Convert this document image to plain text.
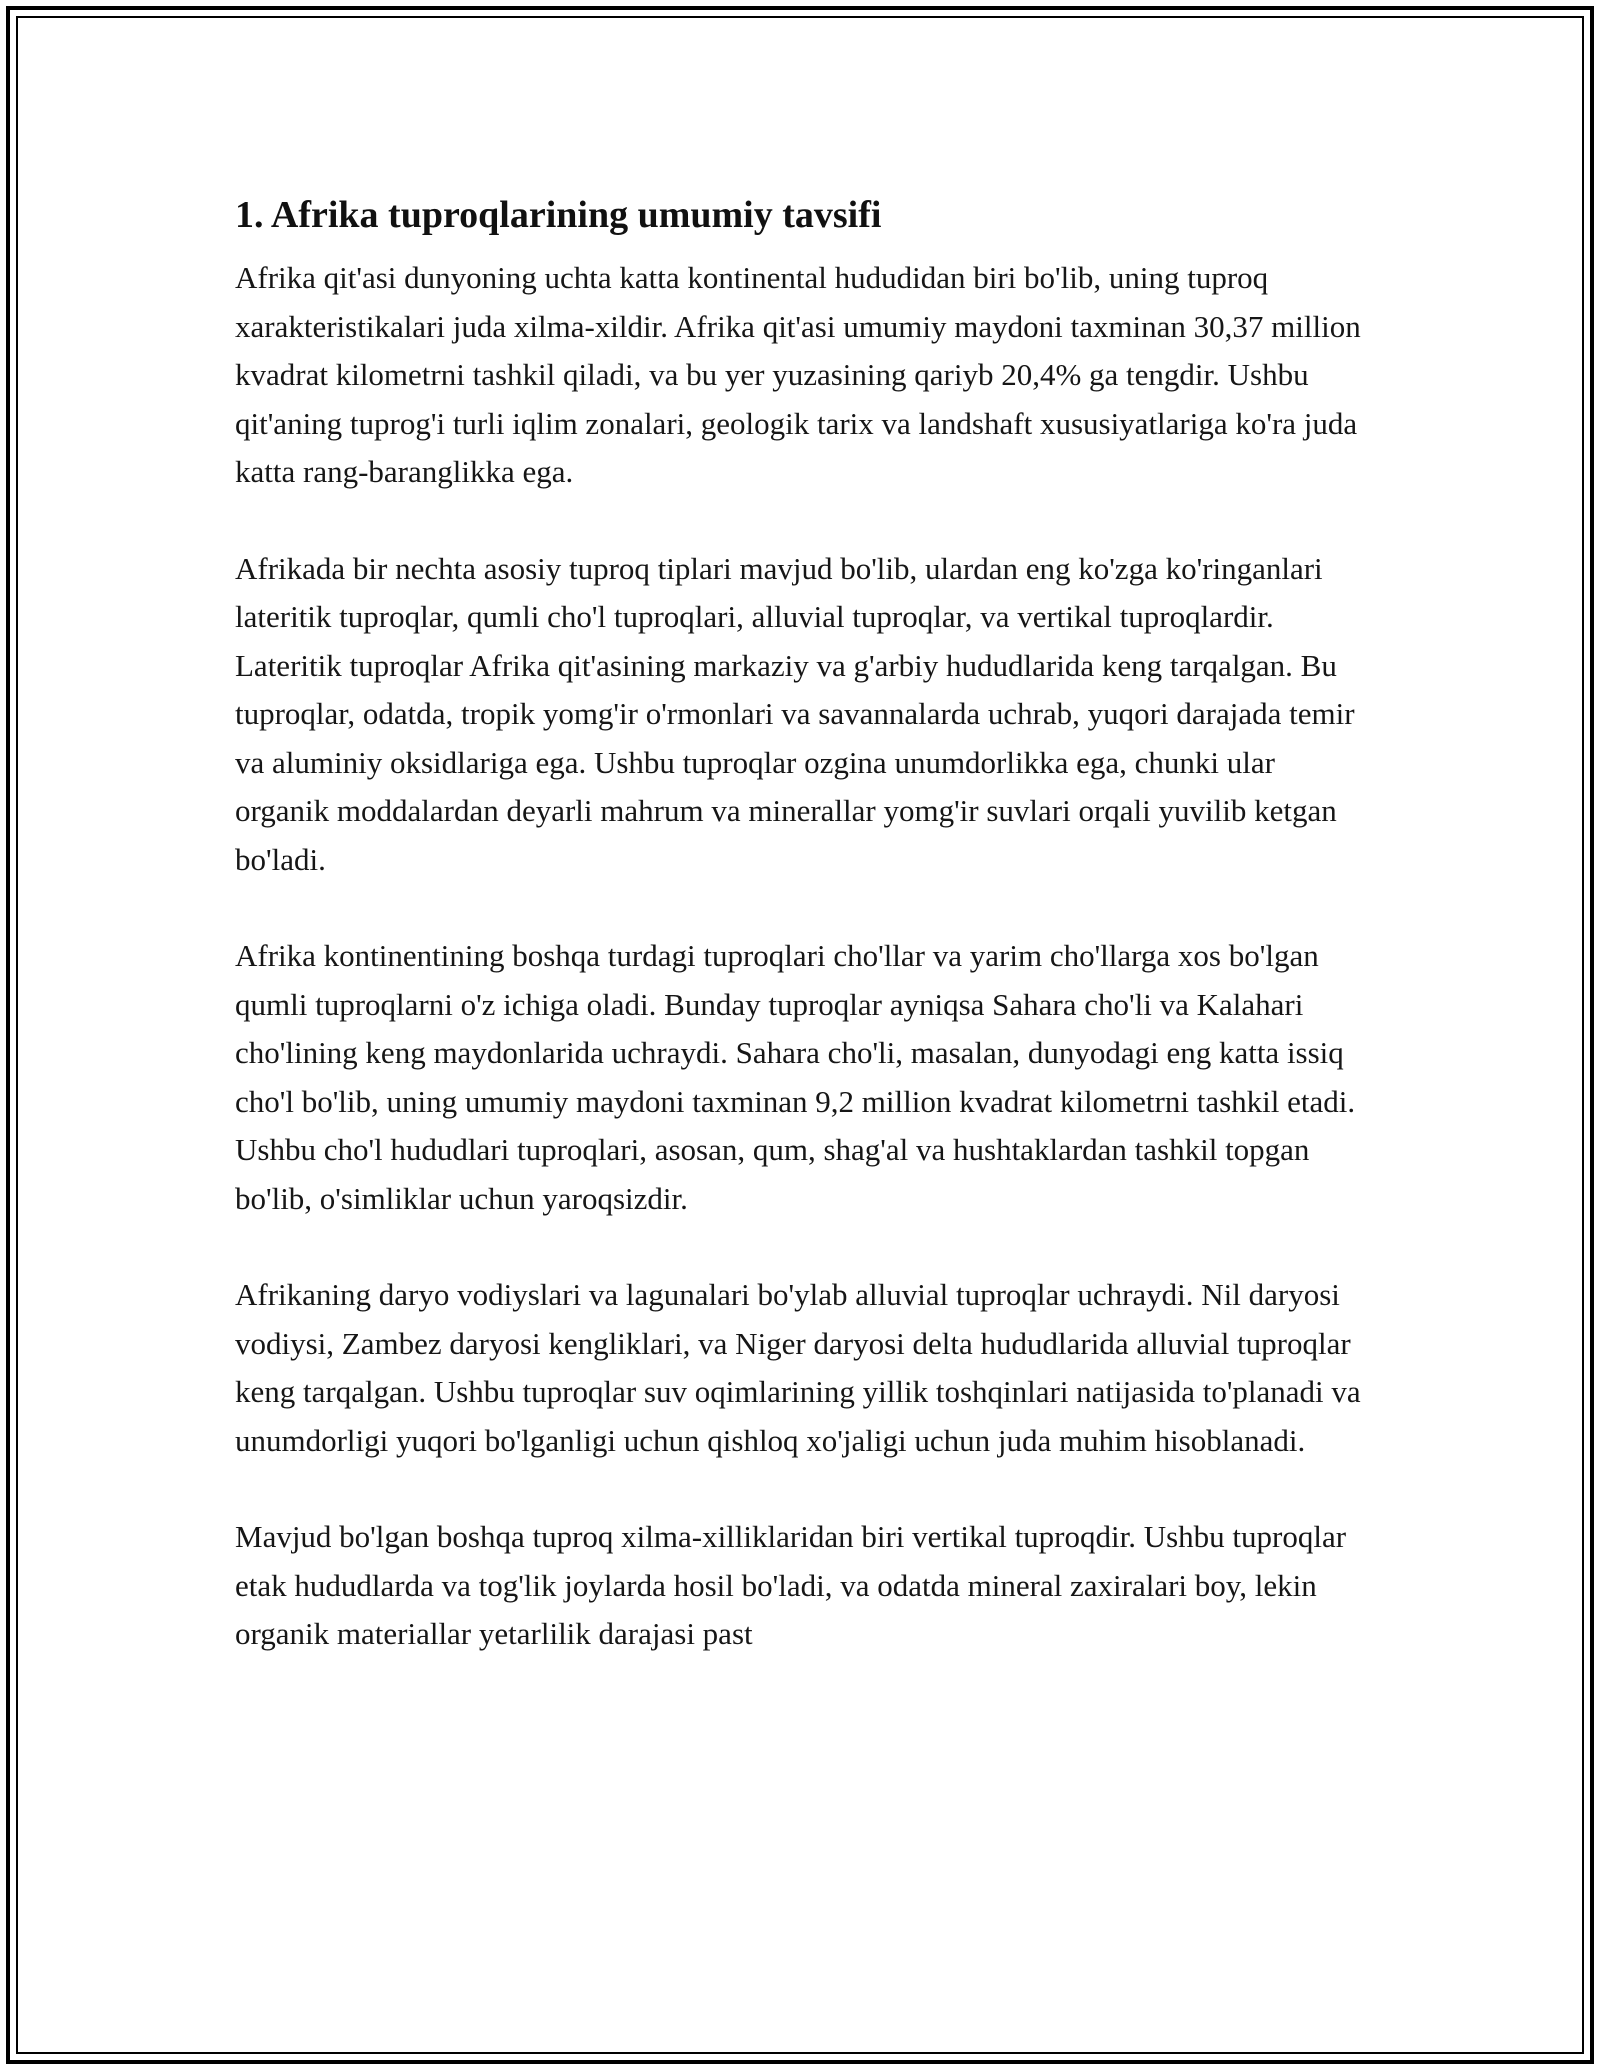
1. Afrika tuproqlarining umumiy tavsifi

Afrika qit'asi dunyoning uchta katta kontinental hududidan biri bo'lib, uning tuproq xarakteristikalari juda xilma-xildir. Afrika qit'asi umumiy maydoni taxminan 30,37 million kvadrat kilometrni tashkil qiladi, va bu yer yuzasining qariyb 20,4% ga tengdir. Ushbu qit'aning tuprog'i turli iqlim zonalari, geologik tarix va landshaft xususiyatlariga ko'ra juda katta rang-baranglikka ega.

Afrikada bir nechta asosiy tuproq tiplari mavjud bo'lib, ulardan eng ko'zga ko'ringanlari lateritik tuproqlar, qumli cho'l tuproqlari, alluvial tuproqlar, va vertikal tuproqlardir. Lateritik tuproqlar Afrika qit'asining markaziy va g'arbiy hududlarida keng tarqalgan. Bu tuproqlar, odatda, tropik yomg'ir o'rmonlari va savannalarda uchrab, yuqori darajada temir va aluminiy oksidlariga ega. Ushbu tuproqlar ozgina unumdorlikka ega, chunki ular organik moddalardan deyarli mahrum va minerallar yomg'ir suvlari orqali yuvilib ketgan bo'ladi.

Afrika kontinentining boshqa turdagi tuproqlari cho'llar va yarim cho'llarga xos bo'lgan qumli tuproqlarni o'z ichiga oladi. Bunday tuproqlar ayniqsa Sahara cho'li va Kalahari cho'lining keng maydonlarida uchraydi. Sahara cho'li, masalan, dunyodagi eng katta issiq cho'l bo'lib, uning umumiy maydoni taxminan 9,2 million kvadrat kilometrni tashkil etadi. Ushbu cho'l hududlari tuproqlari, asosan, qum, shag'al va hushtaklardan tashkil topgan bo'lib, o'simliklar uchun yaroqsizdir.

Afrikaning daryo vodiyslari va lagunalari bo'ylab alluvial tuproqlar uchraydi. Nil daryosi vodiysi, Zambez daryosi kengliklari, va Niger daryosi delta hududlarida alluvial tuproqlar keng tarqalgan. Ushbu tuproqlar suv oqimlarining yillik toshqinlari natijasida to'planadi va unumdorligi yuqori bo'lganligi uchun qishloq xo'jaligi uchun juda muhim hisoblanadi.

Mavjud bo'lgan boshqa tuproq xilma-xilliklaridan biri vertikal tuproqdir. Ushbu tuproqlar etak hududlarda va tog'lik joylarda hosil bo'ladi, va odatda mineral zaxiralari boy, lekin organik materiallar yetarlilik darajasi past
